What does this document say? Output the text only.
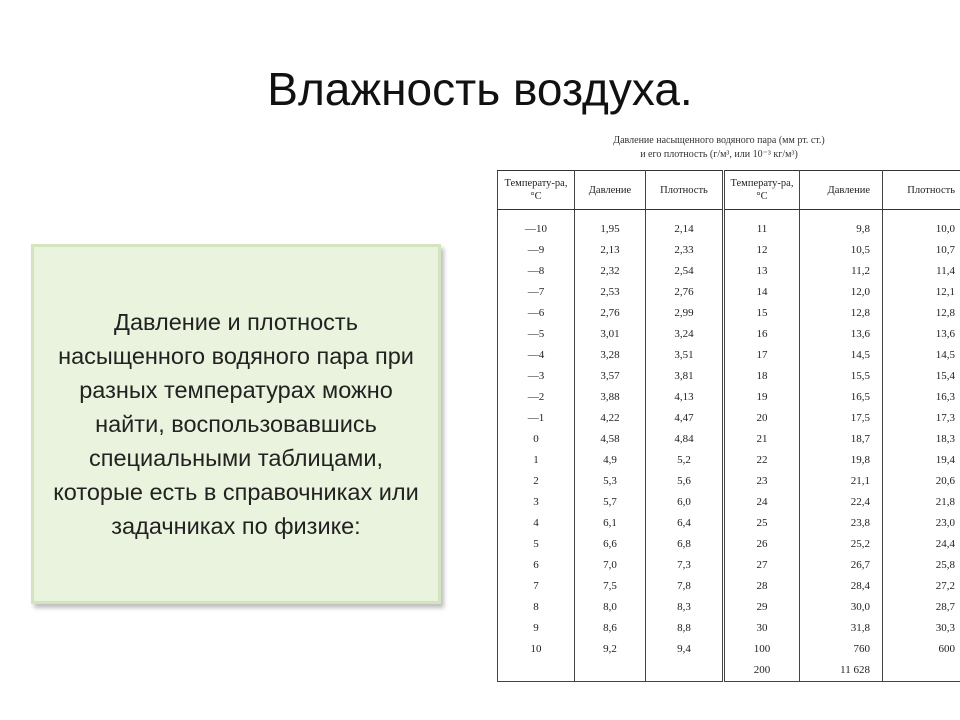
Влажность воздуха.
Давление и плотность насыщенного водяного пара при разных температурах можно найти, воспользовавшись специальными таблицами, которые есть в справочниках или задачниках по физике:
Давление насыщенного водяного пара (мм рт. ст.)
и его плотность (г/м³, или 10⁻³ кг/м³)
Температу-ра, °С	Давление	Плотность	Температу-ра, °С	Давление	Плотность
—10	1,95	2,14	11	9,8	10,0
—9	2,13	2,33	12	10,5	10,7
—8	2,32	2,54	13	11,2	11,4
—7	2,53	2,76	14	12,0	12,1
—6	2,76	2,99	15	12,8	12,8
—5	3,01	3,24	16	13,6	13,6
—4	3,28	3,51	17	14,5	14,5
—3	3,57	3,81	18	15,5	15,4
—2	3,88	4,13	19	16,5	16,3
—1	4,22	4,47	20	17,5	17,3
0	4,58	4,84	21	18,7	18,3
1	4,9	5,2	22	19,8	19,4
2	5,3	5,6	23	21,1	20,6
3	5,7	6,0	24	22,4	21,8
4	6,1	6,4	25	23,8	23,0
5	6,6	6,8	26	25,2	24,4
6	7,0	7,3	27	26,7	25,8
7	7,5	7,8	28	28,4	27,2
8	8,0	8,3	29	30,0	28,7
9	8,6	8,8	30	31,8	30,3
10	9,2	9,4	100	760	600
			200	11 628	
